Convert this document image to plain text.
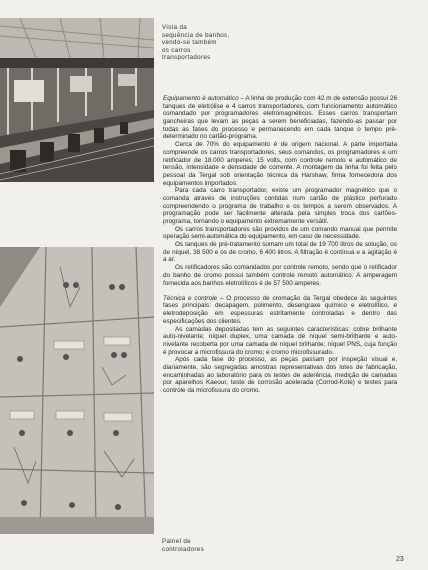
Vista da
sequência de banhos,
vendo-se também
os carros
transportadores
Painel de
controladores

Equipamento é automático – A linha de produção com 42 m de extensão possui 26 tanques de eletrólise e 4 carros transportadores, com funcionamento automático comandado por programadores eletromagnéticos. Esses carros transportam gancheiras que levam as peças a serem beneficiadas, fazendo-as passar por todas as fases do processo e permanecendo em cada tanque o tempo pré-determinado no cartão-programa.

Cerca de 70% do equipamento é de origem nacional. A parte importada compreende os carros transportadores, seus comandos, os programadores e um retificador de 18.000 amperes, 15 volts, com controle remoto e automático de tensão, intensidade e densidade de corrente. A montagem da linha foi feita pelo pessoal da Tergal sob orientação técnica da Harshaw, firma fornecedora dos equipamentos importados.

Para cada carro transportador, existe um programador magnético que o comanda através de instruções contidas num cartão de plástico perfurado compreendendo o programa de trabalho e os tempos a serem observados. A programação pode ser facilmente alterada pela simples troca dos cartões-programa, tornando o equipamento extremamente versátil.

Os carros transportadores são providos de um comando manual que permite operação semi-automática do equipamento, em caso de necessidade.

Os tanques de pré-tratamento somam um total de 19 700 litros de solução, os de níquel, 38 500 e os de cromo, 6 400 litros. A filtração é contínua e a agitação é a ar.

Os retificadores são comandados por controle remoto, sendo que o retificador do banho de cromo possui também controle remoto automático. A amperagem fornecida aos banhos eletrolíticos é de 57 500 amperes.

Técnica e controle – O processo de cromação da Tergal obedece às seguintes fases principais: decapagem, polimento, desengraxe químico e eletrolítico, e eletrodeposição em espessuras estritamente controladas e dentro das especificações dos clientes.

As camadas depositadas tem as seguintes características: cobre brilhante auto-nivelante; níquel duplex, uma camada de níquel semi-brilhante e auto-nivelante recoberta por uma camada de níquel brilhante; níquel PNS, cuja função é provocar a microfissura do cromo; e cromo microfissurado.

Após cada fase do processo, as peças passam por inspeção visual e, diariamente, são segregadas amostras representativas dos lotes de fabricação, encaminhadas ao laboratório para os testes de aderência, medição de camadas por aparelhos Kaeour, teste de corrosão acelerada (Corrod-Kote) e testes para controle da microfissura do cromo.

23
